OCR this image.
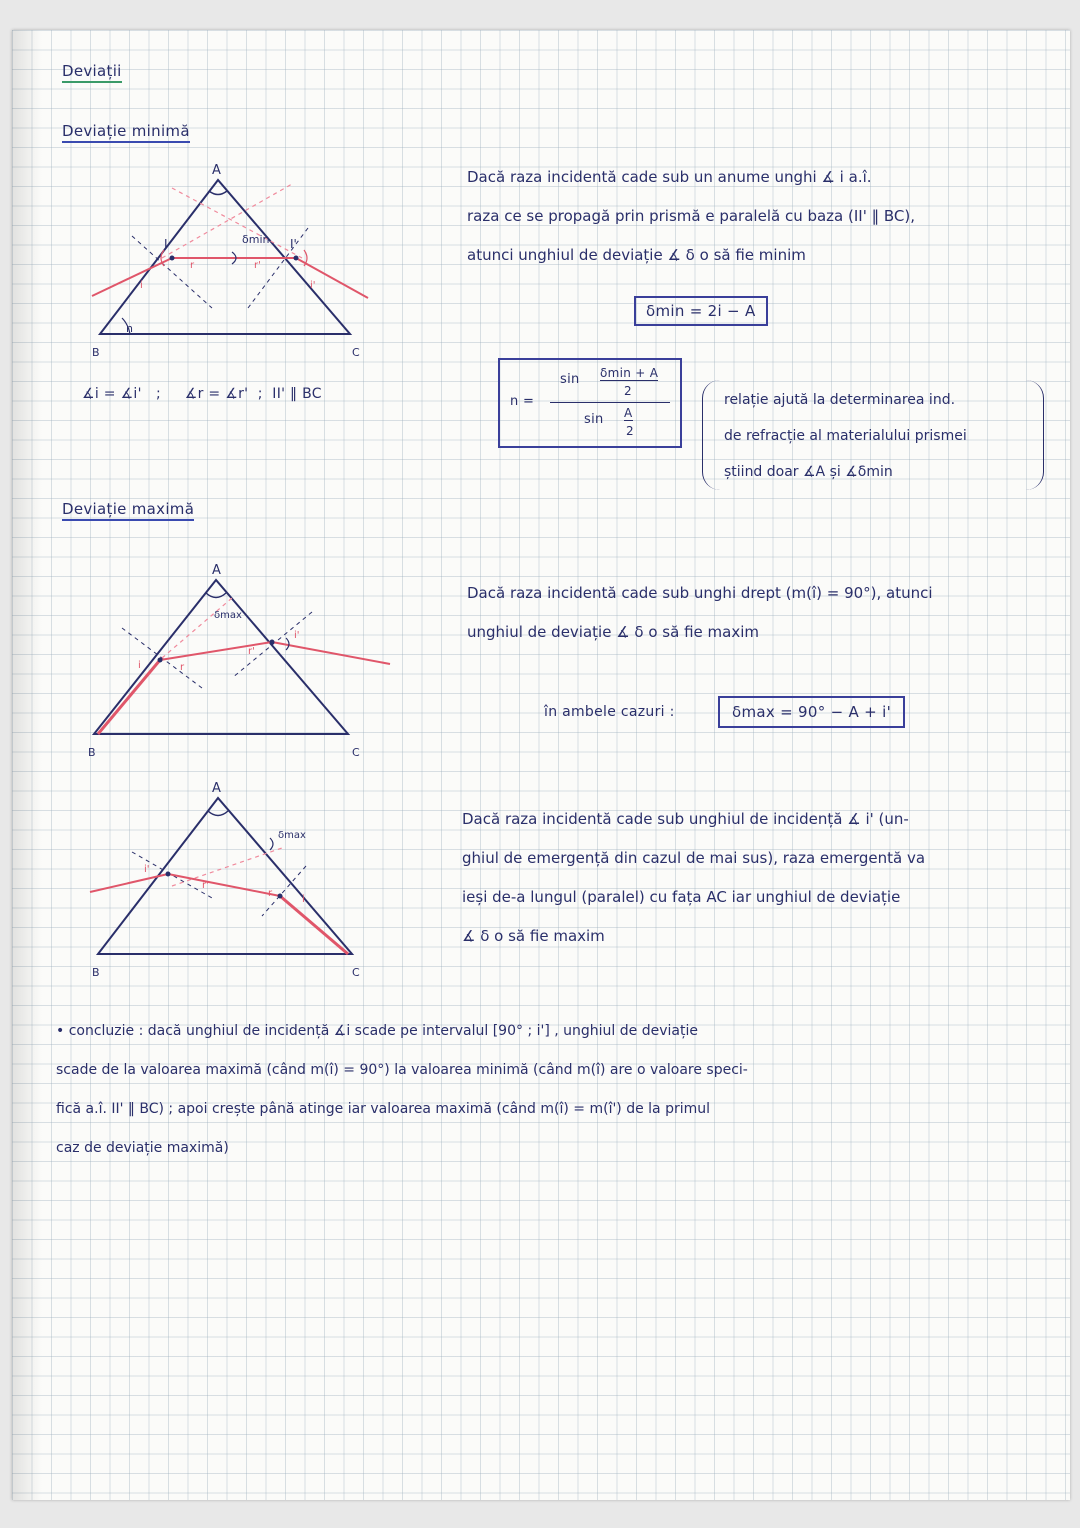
Deviații
Deviație minimă
A
B	C
I	I'
i	i'
r	r'
n
δmin
∡i = ∡i'   ;     ∡r = ∡r'  ;  II' ‖ BC
Dacă raza incidentă cade sub un anume unghi ∡ i a.î.
raza ce se propagă prin prismă e paralelă cu baza (II' ‖ BC),
atunci unghiul de deviație ∡ δ o să fie minim
δmin = 2i − A
n =
sin δmin + A
2
sin A
2
relație ajută la determinarea ind.
de refracție al materialului prismei
știind doar ∡A și ∡δmin
Deviație maximă
A
B	C
δmax
i
i'
r
r'
Dacă raza incidentă cade sub unghi drept (m(î) = 90°), atunci
unghiul de deviație ∡ δ o să fie maxim
în ambele cazuri :	δmax = 90° − A + i'
A
B	C
δmax
i'
r'
r
i
Dacă raza incidentă cade sub unghiul de incidență ∡ i' (un-
ghiul de emergență din cazul de mai sus), raza emergentă va
ieși de-a lungul (paralel) cu fața AC iar unghiul de deviație
∡ δ o să fie maxim
• concluzie : dacă unghiul de incidență ∡i scade pe intervalul [90° ; i'] , unghiul de deviație
scade de la valoarea maximă (când m(î) = 90°) la valoarea minimă (când m(î) are o valoare speci-
fică a.î. II' ‖ BC) ; apoi crește până atinge iar valoarea maximă (când m(î) = m(î') de la primul
caz de deviație maximă)
